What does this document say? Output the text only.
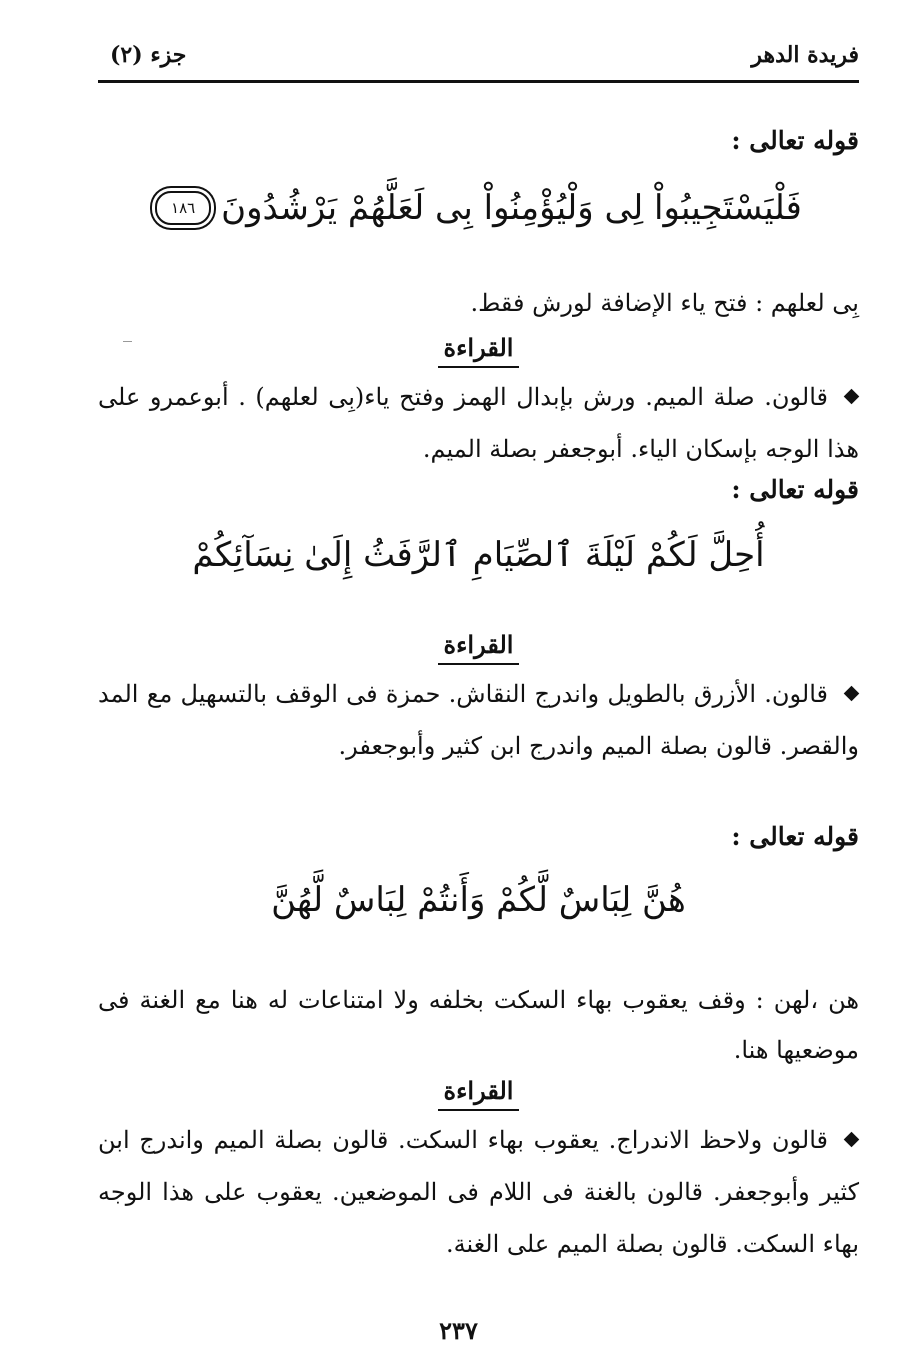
فريدة الدهر
جزء (٢)
قوله تعالى :
فَلْيَسْتَجِيبُواْ لِى وَلْيُؤْمِنُواْ بِى لَعَلَّهُمْ يَرْشُدُونَ
١٨٦
بِى لعلهم : فتح ياء الإضافة لورش فقط.
القراءة
قالون. صلة الميم. ورش بإبدال الهمز وفتح ياء(بِى لعلهم) . أبوعمرو على هذا الوجه بإسكان الياء. أبوجعفر بصلة الميم.
قوله تعالى :
أُحِلَّ لَكُمْ لَيْلَةَ ٱلصِّيَامِ ٱلرَّفَثُ إِلَىٰ نِسَآئِكُمْ
القراءة
قالون. الأزرق بالطويل واندرج النقاش. حمزة فى الوقف بالتسهيل مع المد والقصر. قالون بصلة الميم واندرج ابن كثير وأبوجعفر.
قوله تعالى :
هُنَّ لِبَاسٌ لَّكُمْ وَأَنتُمْ لِبَاسٌ لَّهُنَّ
هن ،لهن : وقف يعقوب بهاء السكت بخلفه ولا امتناعات له هنا مع الغنة فى موضعيها هنا.
القراءة
قالون ولاحظ الاندراج. يعقوب بهاء السكت. قالون بصلة الميم واندرج ابن كثير وأبوجعفر. قالون بالغنة فى اللام فى الموضعين. يعقوب على هذا الوجه بهاء السكت. قالون بصلة الميم على الغنة.
٢٣٧
